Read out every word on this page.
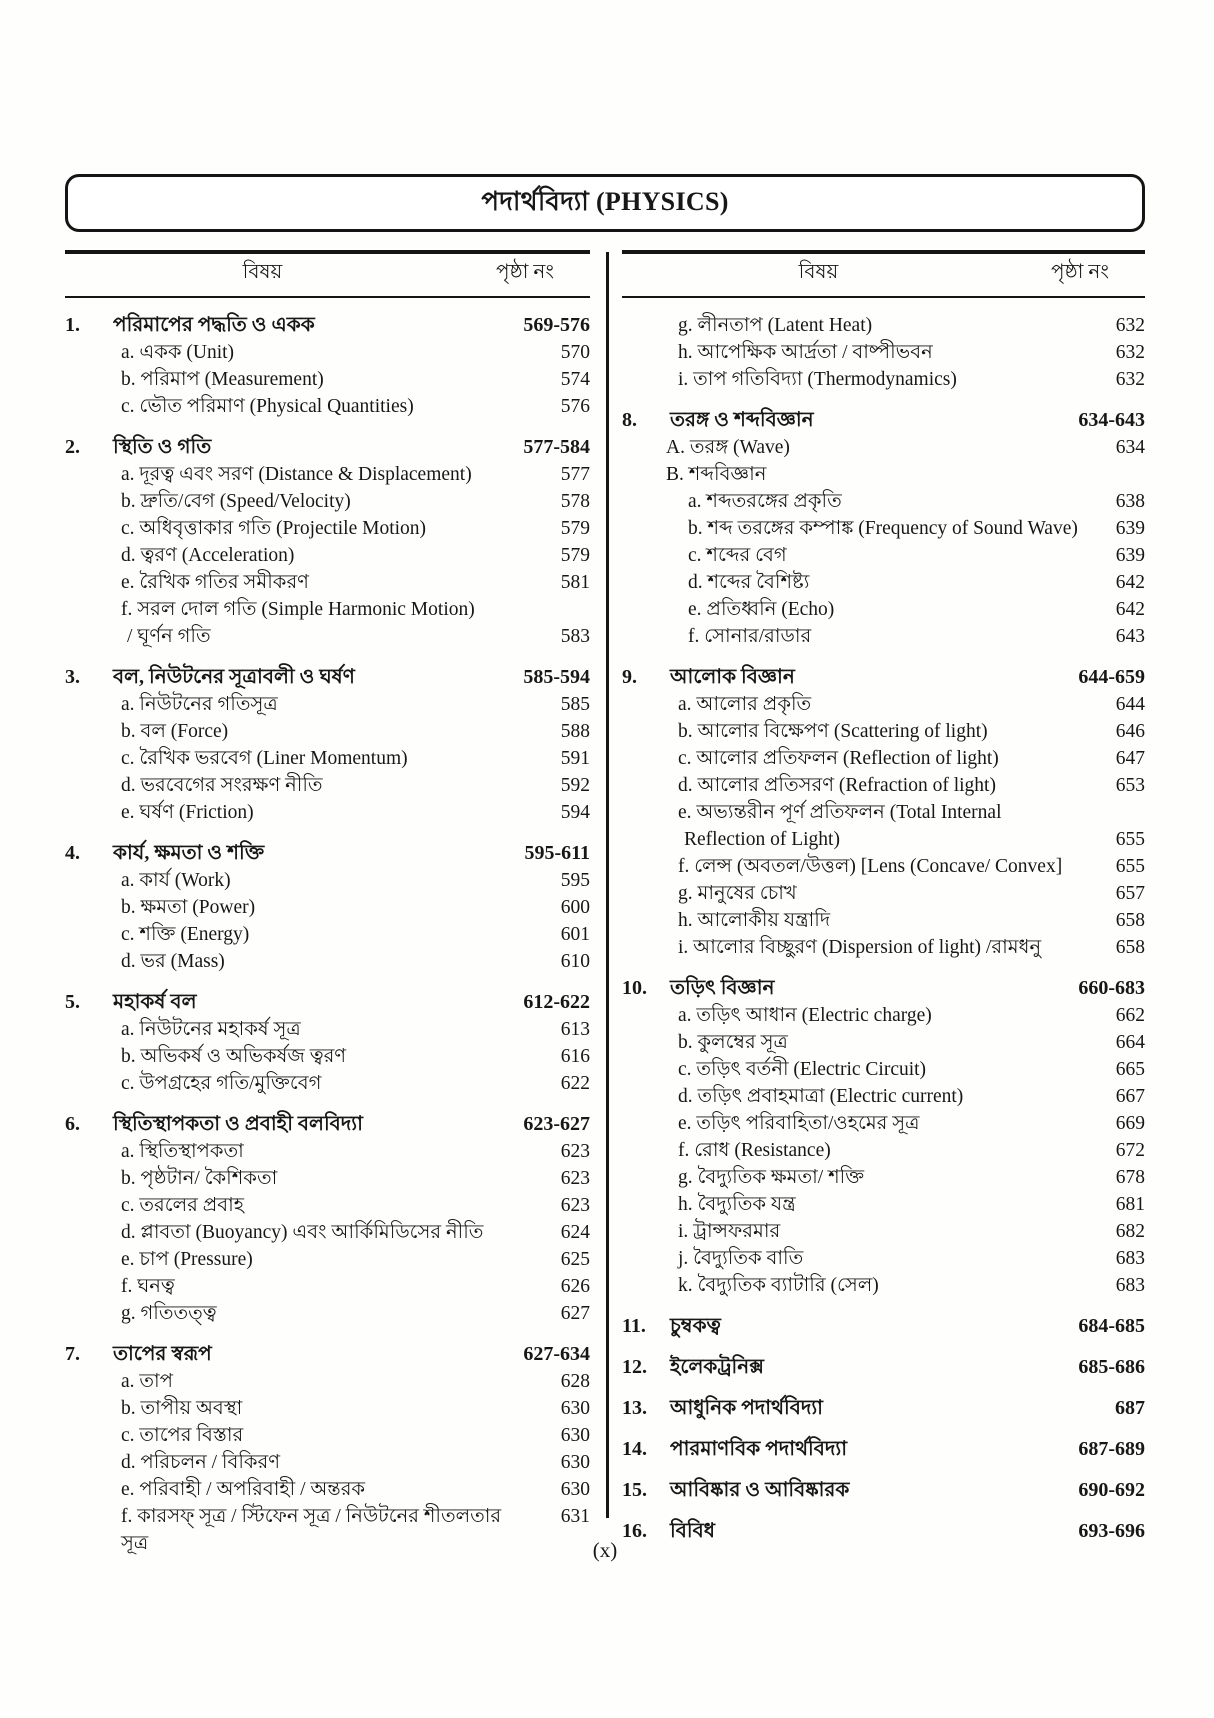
পদার্থবিদ্যা (PHYSICS)
বিষয়	পৃষ্ঠা নং
1.	পরিমাপের পদ্ধতি ও একক	569-576
a. একক (Unit)	570
b. পরিমাপ (Measurement)	574
c. ভৌত পরিমাণ (Physical Quantities)	576
2.	স্থিতি ও গতি	577-584
a. দূরত্ব এবং সরণ (Distance & Displacement)	577
b. দ্রুতি/বেগ (Speed/Velocity)	578
c. অধিবৃত্তাকার গতি (Projectile Motion)	579
d. ত্বরণ (Acceleration)	579
e. রৈখিক গতির সমীকরণ	581
f. সরল দোল গতি (Simple Harmonic Motion)
/ ঘূর্ণন গতি	583
3.	বল, নিউটনের সূত্রাবলী ও ঘর্ষণ	585-594
a. নিউটনের গতিসূত্র	585
b. বল (Force)	588
c. রৈখিক ভরবেগ (Liner Momentum)	591
d. ভরবেগের সংরক্ষণ নীতি	592
e. ঘর্ষণ (Friction)	594
4.	কার্য, ক্ষমতা ও শক্তি	595-611
a. কার্য (Work)	595
b. ক্ষমতা (Power)	600
c. শক্তি (Energy)	601
d. ভর (Mass)	610
5.	মহাকর্ষ বল	612-622
a. নিউটনের মহাকর্ষ সূত্র	613
b. অভিকর্ষ ও অভিকর্ষজ ত্বরণ	616
c. উপগ্রহের গতি/মুক্তিবেগ	622
6.	স্থিতিস্থাপকতা ও প্রবাহী বলবিদ্যা	623-627
a. স্থিতিস্থাপকতা	623
b. পৃষ্ঠটান/ কৈশিকতা	623
c. তরলের প্রবাহ	623
d. প্লাবতা (Buoyancy) এবং আর্কিমিডিসের নীতি	624
e. চাপ (Pressure)	625
f. ঘনত্ব	626
g. গতিতত্ত্ব	627
7.	তাপের স্বরূপ	627-634
a. তাপ	628
b. তাপীয় অবস্থা	630
c. তাপের বিস্তার	630
d. পরিচলন / বিকিরণ	630
e. পরিবাহী / অপরিবাহী / অন্তরক	630
f. কারসফ্ সূত্র / স্টিফেন সূত্র / নিউটনের শীতলতার সূত্র
631
বিষয়	পৃষ্ঠা নং
g. লীনতাপ (Latent Heat)	632
h. আপেক্ষিক আর্দ্রতা / বাষ্পীভবন	632
i. তাপ গতিবিদ্যা (Thermodynamics)	632
8.	তরঙ্গ ও শব্দবিজ্ঞান	634-643
A. তরঙ্গ (Wave)	634
B. শব্দবিজ্ঞান
a. শব্দতরঙ্গের প্রকৃতি	638
b. শব্দ তরঙ্গের কম্পাঙ্ক (Frequency of Sound Wave)	639
c. শব্দের বেগ	639
d. শব্দের বৈশিষ্ট্য	642
e. প্রতিধ্বনি (Echo)	642
f. সোনার/রাডার	643
9.	আলোক বিজ্ঞান	644-659
a. আলোর প্রকৃতি	644
b. আলোর বিক্ষেপণ (Scattering of light)	646
c. আলোর প্রতিফলন (Reflection of light)	647
d. আলোর প্রতিসরণ (Refraction of light)	653
e. অভ্যন্তরীন পূর্ণ প্রতিফলন (Total Internal
Reflection of Light)	655
f. লেন্স (অবতল/উত্তল) [Lens (Concave/ Convex]	655
g. মানুষের চোখ	657
h. আলোকীয় যন্ত্রাদি	658
i. আলোর বিচ্ছুরণ (Dispersion of light) /রামধনু	658
10.	তড়িৎ বিজ্ঞান	660-683
a. তড়িৎ আধান (Electric charge)	662
b. কুলম্বের সূত্র	664
c. তড়িৎ বর্তনী (Electric Circuit)	665
d. তড়িৎ প্রবাহমাত্রা (Electric current)	667
e. তড়িৎ পরিবাহিতা/ওহমের সূত্র	669
f. রোধ (Resistance)	672
g. বৈদ্যুতিক ক্ষমতা/ শক্তি	678
h. বৈদ্যুতিক যন্ত্র	681
i. ট্রান্সফরমার	682
j. বৈদ্যুতিক বাতি	683
k. বৈদ্যুতিক ব্যাটারি (সেল)	683
11.	চুম্বকত্ব	684-685
12.	ইলেকট্রনিক্স	685-686
13.	আধুনিক পদার্থবিদ্যা	687
14.	পারমাণবিক পদার্থবিদ্যা	687-689
15.	আবিষ্কার ও আবিষ্কারক	690-692
16.	বিবিধ	693-696
(x)
